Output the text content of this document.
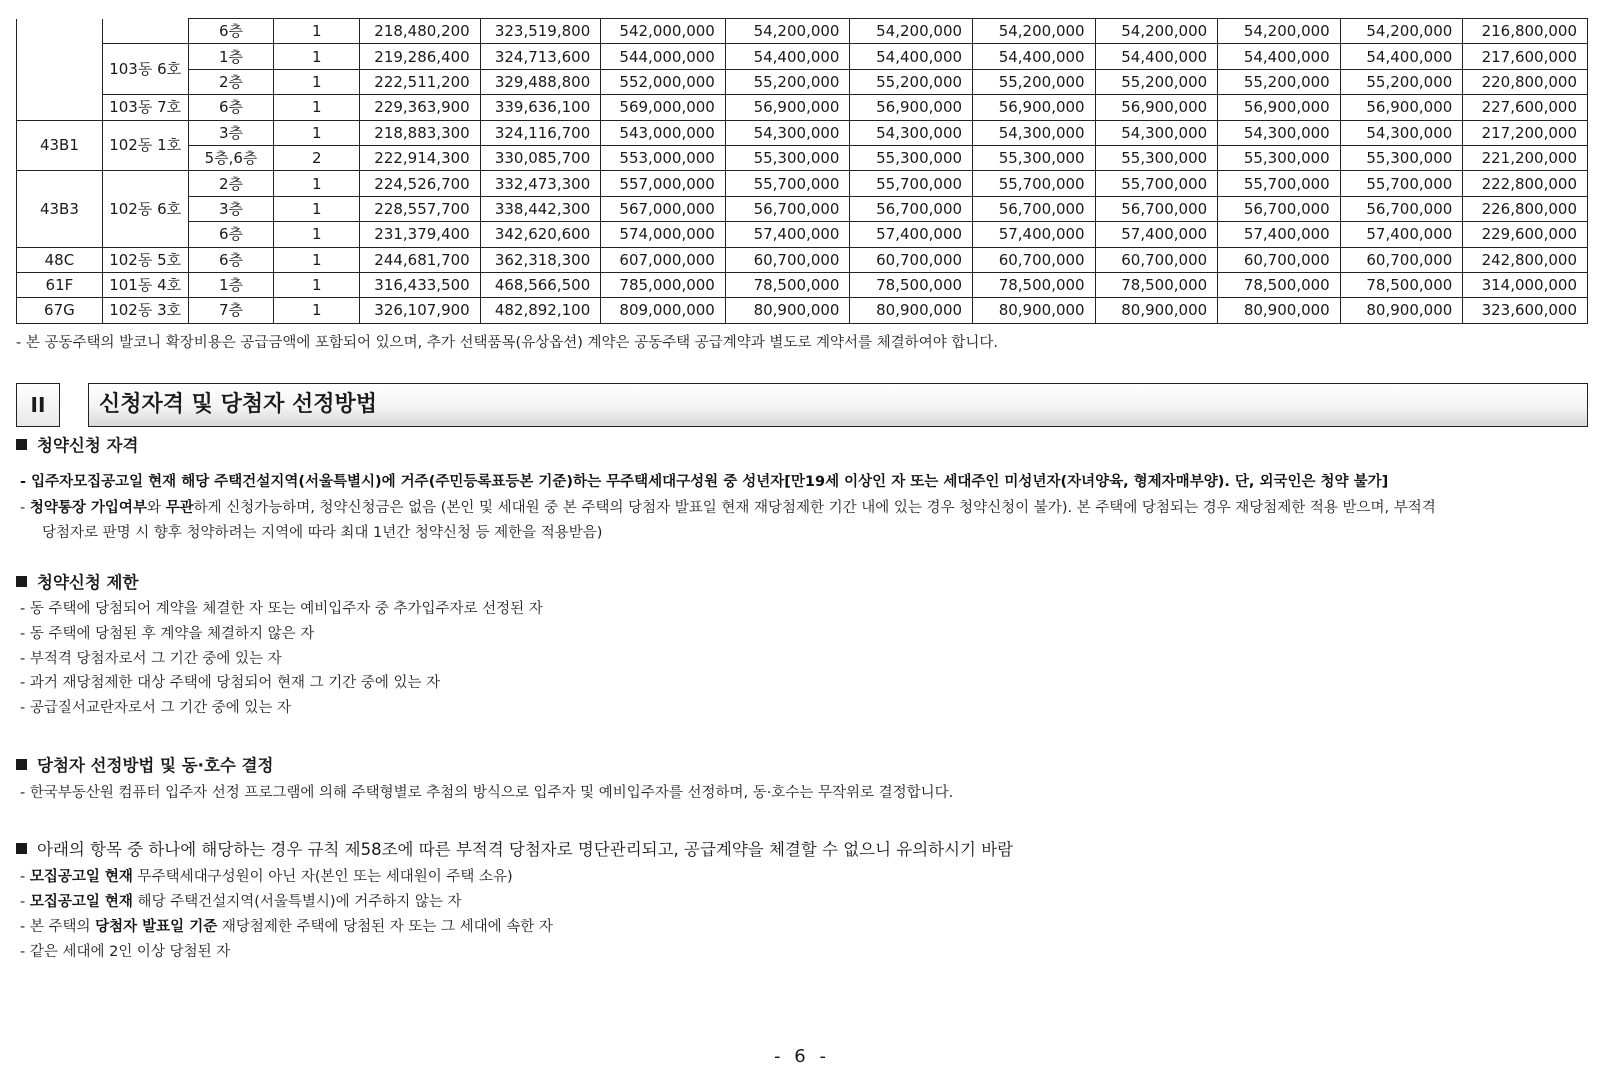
		6층	1	218,480,200	323,519,800	542,000,000	54,200,000	54,200,000	54,200,000	54,200,000	54,200,000	54,200,000	216,800,000
	103동 6호	1층	1	219,286,400	324,713,600	544,000,000	54,400,000	54,400,000	54,400,000	54,400,000	54,400,000	54,400,000	217,600,000
		2층	1	222,511,200	329,488,800	552,000,000	55,200,000	55,200,000	55,200,000	55,200,000	55,200,000	55,200,000	220,800,000
	103동 7호	6층	1	229,363,900	339,636,100	569,000,000	56,900,000	56,900,000	56,900,000	56,900,000	56,900,000	56,900,000	227,600,000
43B1	102동 1호	3층	1	218,883,300	324,116,700	543,000,000	54,300,000	54,300,000	54,300,000	54,300,000	54,300,000	54,300,000	217,200,000
		5층,6층	2	222,914,300	330,085,700	553,000,000	55,300,000	55,300,000	55,300,000	55,300,000	55,300,000	55,300,000	221,200,000
43B3	102동 6호	2층	1	224,526,700	332,473,300	557,000,000	55,700,000	55,700,000	55,700,000	55,700,000	55,700,000	55,700,000	222,800,000
		3층	1	228,557,700	338,442,300	567,000,000	56,700,000	56,700,000	56,700,000	56,700,000	56,700,000	56,700,000	226,800,000
		6층	1	231,379,400	342,620,600	574,000,000	57,400,000	57,400,000	57,400,000	57,400,000	57,400,000	57,400,000	229,600,000
48C	102동 5호	6층	1	244,681,700	362,318,300	607,000,000	60,700,000	60,700,000	60,700,000	60,700,000	60,700,000	60,700,000	242,800,000
61F	101동 4호	1층	1	316,433,500	468,566,500	785,000,000	78,500,000	78,500,000	78,500,000	78,500,000	78,500,000	78,500,000	314,000,000
67G	102동 3호	7층	1	326,107,900	482,892,100	809,000,000	80,900,000	80,900,000	80,900,000	80,900,000	80,900,000	80,900,000	323,600,000
- 본 공동주택의 발코니 확장비용은 공급금액에 포함되어 있으며, 추가 선택품목(유상옵션) 계약은 공동주택 공급계약과 별도로 계약서를 체결하여야 합니다.
II	신청자격 및 당첨자 선정방법
청약신청 자격
- 입주자모집공고일 현재 해당 주택건설지역(서울특별시)에 거주(주민등록표등본 기준)하는 무주택세대구성원 중 성년자[만19세 이상인 자 또는 세대주인 미성년자(자녀양육, 형제자매부양). 단, 외국인은 청약 불가]
- 청약통장 가입여부와 무관하게 신청가능하며, 청약신청금은 없음 (본인 및 세대원 중 본 주택의 당첨자 발표일 현재 재당첨제한 기간 내에 있는 경우 청약신청이 불가). 본 주택에 당첨되는 경우 재당첨제한 적용 받으며, 부적격
당첨자로 판명 시 향후 청약하려는 지역에 따라 최대 1년간 청약신청 등 제한을 적용받음)
청약신청 제한
- 동 주택에 당첨되어 계약을 체결한 자 또는 예비입주자 중 추가입주자로 선정된 자
- 동 주택에 당첨된 후 계약을 체결하지 않은 자
- 부적격 당첨자로서 그 기간 중에 있는 자
- 과거 재당첨제한 대상 주택에 당첨되어 현재 그 기간 중에 있는 자
- 공급질서교란자로서 그 기간 중에 있는 자
당첨자 선정방법 및 동·호수 결정
- 한국부동산원 컴퓨터 입주자 선정 프로그램에 의해 주택형별로 추첨의 방식으로 입주자 및 예비입주자를 선정하며, 동·호수는 무작위로 결정합니다.
아래의 항목 중 하나에 해당하는 경우 규칙 제58조에 따른 부적격 당첨자로 명단관리되고, 공급계약을 체결할 수 없으니 유의하시기 바람
- 모집공고일 현재 무주택세대구성원이 아닌 자(본인 또는 세대원이 주택 소유)
- 모집공고일 현재 해당 주택건설지역(서울특별시)에 거주하지 않는 자
- 본 주택의 당첨자 발표일 기준 재당첨제한 주택에 당첨된 자 또는 그 세대에 속한 자
- 같은 세대에 2인 이상 당첨된 자
- 6 -
